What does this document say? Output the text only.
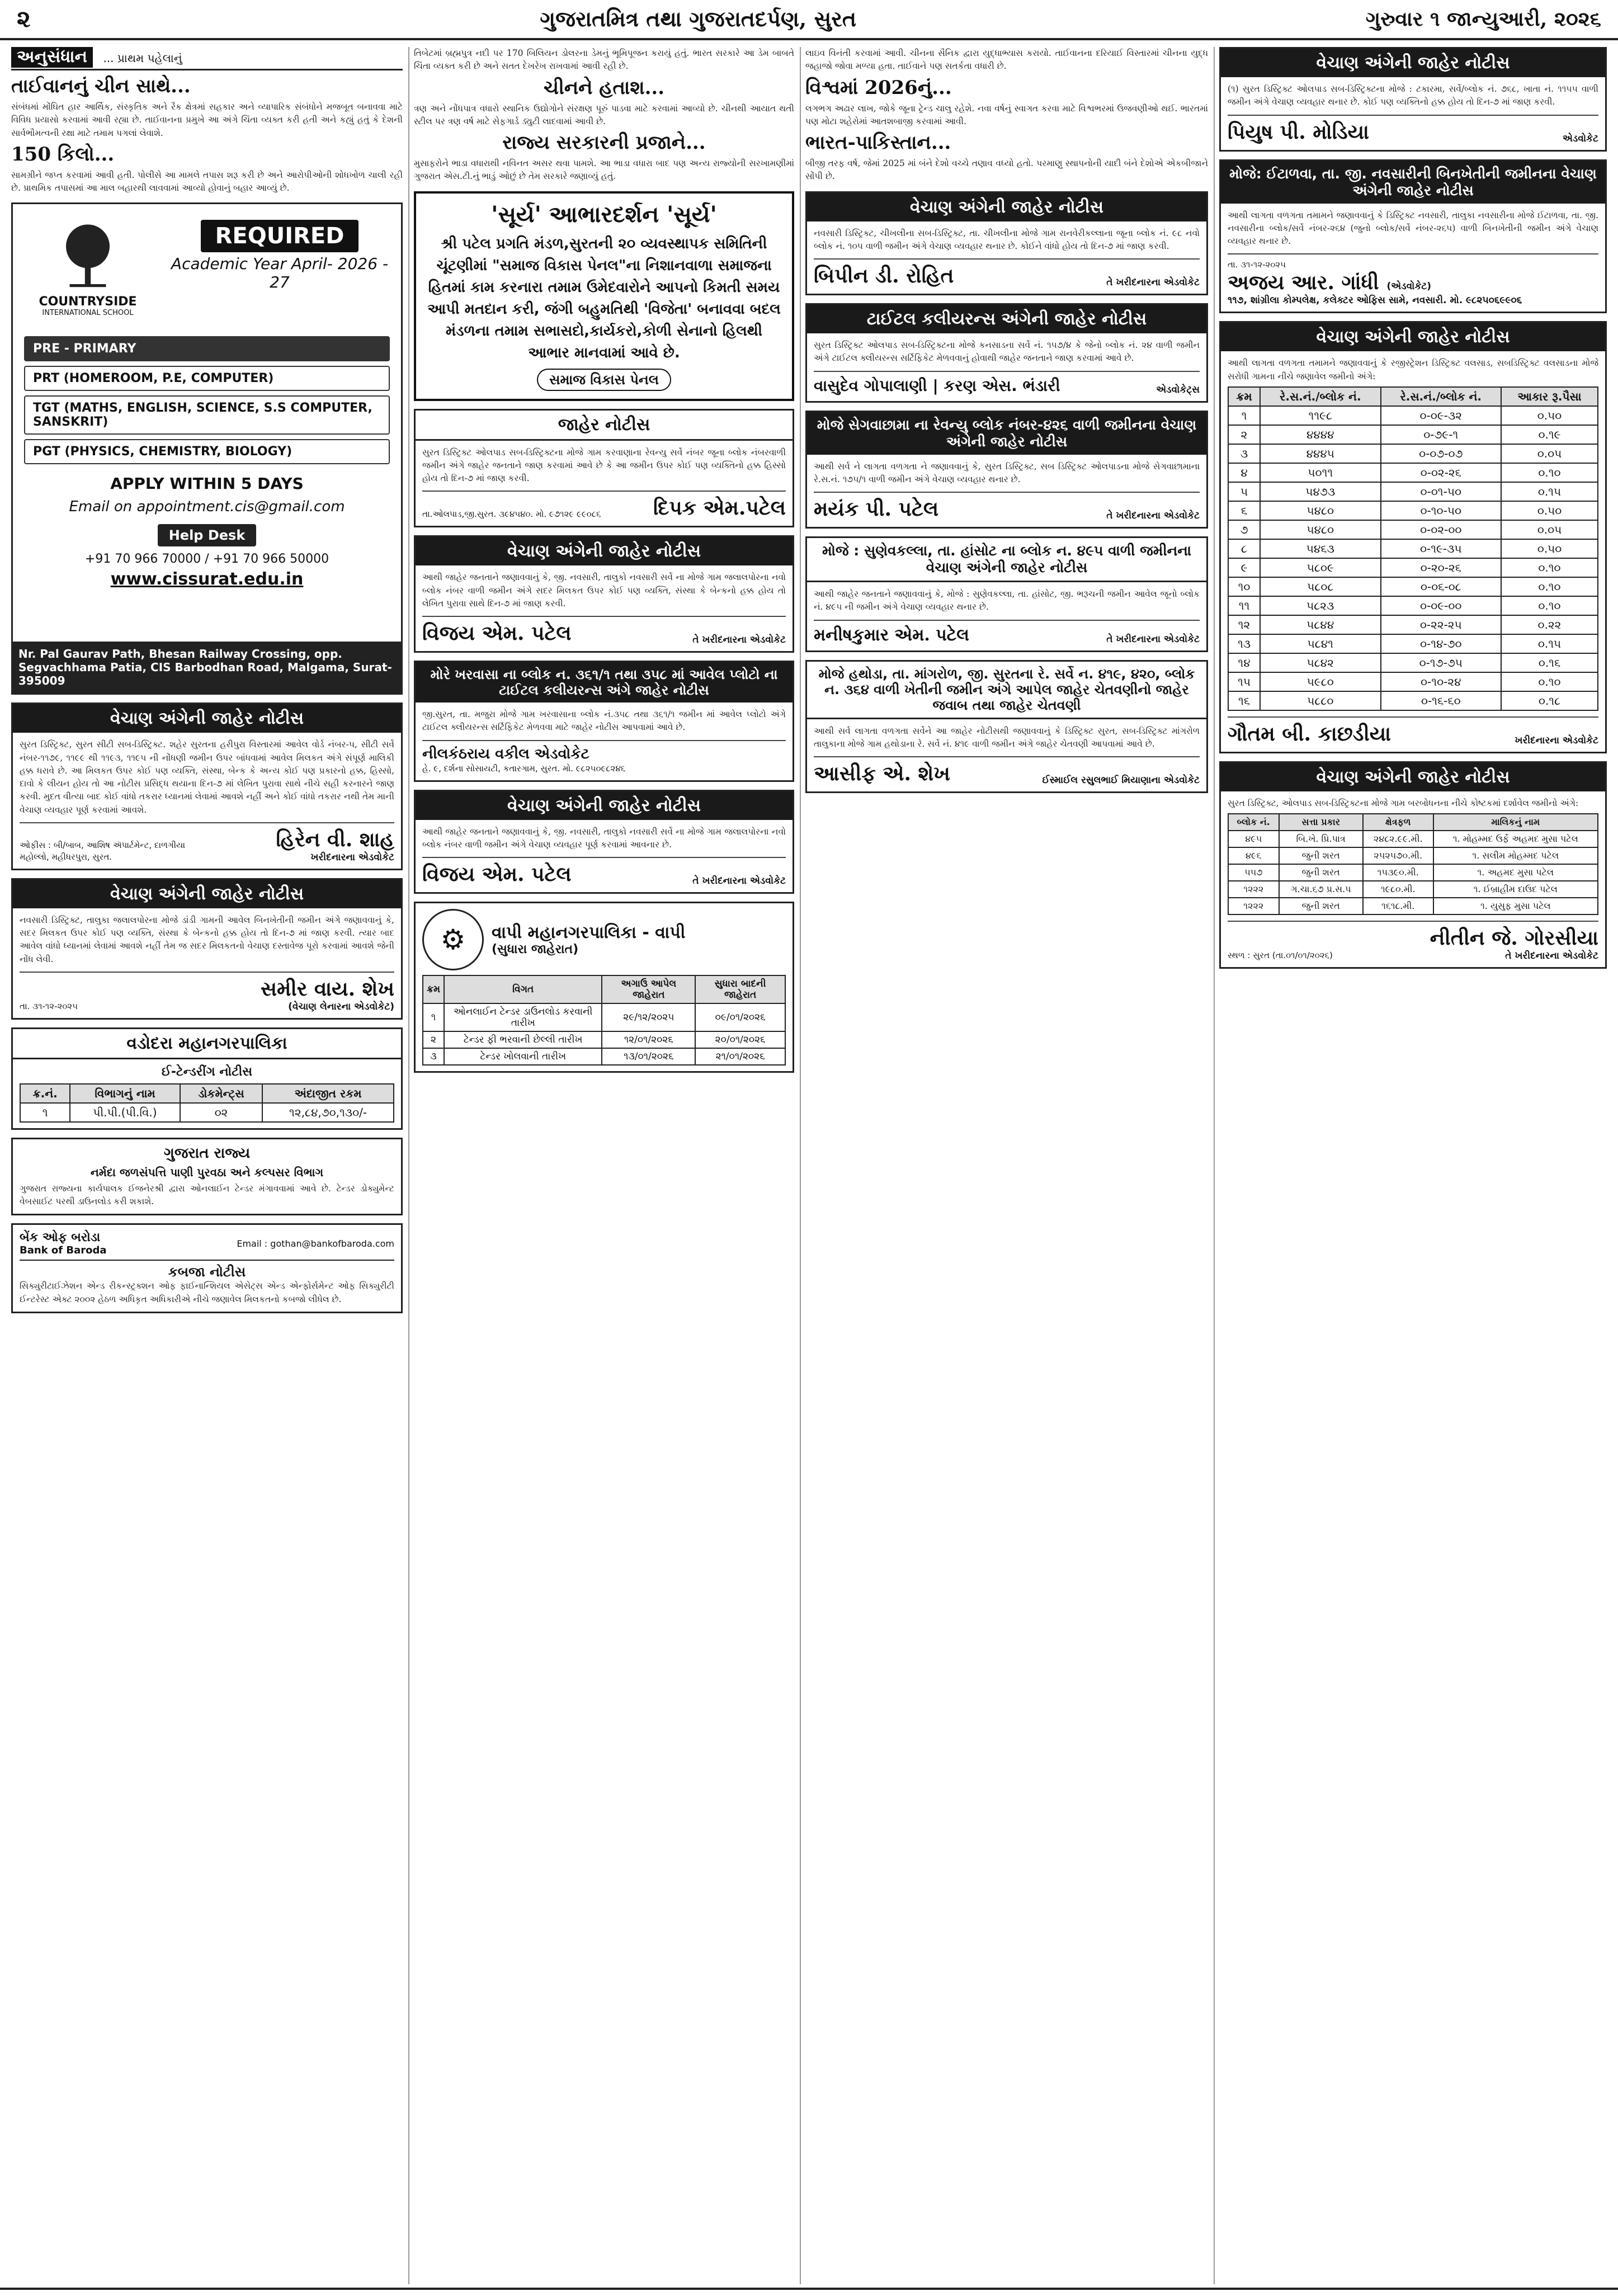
૨	ગુજરાતમિત્ર તથા ગુજરાતદર્પણ, સુરત	ગુરુવાર ૧ જાન્યુઆરી, ૨૦૨૬
અનુસંધાન ... પ્રાથમ પહેલાનું
તાઈવાનનું ચીન સાથે...
સંબંધમાં મોંઘિત હાર આર્થિક, સંસ્કૃતિક અને રૈક ક્ષેત્રમાં સહકાર અને વ્યાપારિક સંબંધોને મજબૂત બનાવવા માટે વિવિધ પ્રયાસો કરવામાં આવી રહ્યા છે. તાઈવાનના પ્રમુખે આ અંગે ચિંતા વ્યક્ત કરી હતી અને કહ્યું હતું કે દેશની સાર્વભૌમત્વની રક્ષા માટે તમામ પગલાં લેવાશે.
150 કિલો...
સામગ્રીને જપ્ત કરવામાં આવી હતી. પોલીસે આ મામલે તપાસ શરૂ કરી છે અને આરોપીઓની શોધખોળ ચાલી રહી છે. પ્રાથમિક તપાસમાં આ માલ બહારથી લાવવામાં આવ્યો હોવાનું બહાર આવ્યું છે.
COUNTRYSIDE
INTERNATIONAL SCHOOL
REQUIRED
Academic Year April- 2026 - 27
PRE - PRIMARY
PRT (HOMEROOM, P.E, COMPUTER)
TGT (MATHS, ENGLISH, SCIENCE, S.S COMPUTER, SANSKRIT)
PGT (PHYSICS, CHEMISTRY, BIOLOGY)
APPLY WITHIN 5 DAYS
Email on appointment.cis@gmail.com
Help Desk
+91 70 966 70000 / +91 70 966 50000
www.cissurat.edu.in
Nr. Pal Gaurav Path, Bhesan Railway Crossing, opp. Segvachhama Patia, CIS Barbodhan Road, Malgama, Surat-395009
વેચાણ અંગેની જાહેર નોટીસ
સુરત ડિસ્ટ્રિક્ટ, સુરત સીટી સબ-ડિસ્ટ્રિક્ટ. શહેર સુરતના હરીપુરા વિસ્તારમાં આવેલ વોર્ડ નંબર-૫, સીટી સર્વે નંબર-૧૧૭૯, ૧૧૯૯ થી ૧૧૯૩, ૧૧૯૫ ની નોંધણી જમીન ઉપર બાંધવામાં આવેલ મિલકત અંગે સંપૂર્ણ માલિકી હક્ક ધરાવે છે. આ મિલકત ઉપર કોઈ પણ વ્યક્તિ, સંસ્થા, બેન્ક કે અન્ય કોઈ પણ પ્રકારનો હક્ક, હિસ્સો, દાવો કે લીયન હોય તો આ નોટીસ પ્રસિદ્ધ થયાના દિન-૭ માં લેખિત પુરાવા સાથે નીચે સહી કરનારને જાણ કરવી. મુદત વીત્યા બાદ કોઈ વાંધો તકરાર ધ્યાનમાં લેવામાં આવશે નહીં અને કોઈ વાંધો તકરાર નથી તેમ માની વેચાણ વ્યવહાર પૂર્ણ કરવામાં આવશે.
ઓફીસ : બી/બાબ, આશિષ ઍપાર્ટમેન્ટ, દાળગીયા મહોલ્લો, મહીધરપુરા, સુરત.
હિરેન વી. શાહ
ખરીદનારના એડવોકેટ
વેચાણ અંગેની જાહેર નોટીસ
નવસારી ડિસ્ટ્રિક્ટ, તાલુકા જલાલપોરના મોજે ડાંડી ગામની આવેલ બિનખેતીની જમીન અંગે જણાવવાનું કે, સદર મિલકત ઉપર કોઈ પણ વ્યક્તિ, સંસ્થા કે બેન્કનો હક્ક હોય તો દિન-૭ માં જાણ કરવી. ત્યાર બાદ આવેલ વાંધો ધ્યાનમાં લેવામાં આવશે નહીં તેમ જ સદર મિલકતનો વેચાણ દસ્તાવેજ પૂરો કરવામાં આવશે જેની નોંધ લેવી.
તા. ૩૧-૧૨-૨૦૨૫
સમીર વાય. શેખ
(વેચાણ લેનારના એડવોકેટ)
વડોદરા મહાનગરપાલિકા
ઈ-ટેન્ડરીંગ નોટીસ
ક્ર.નં.	વિભાગનું નામ	ડોકમેન્ટ્સ	અંદાજીત રકમ
૧	પી.પી.(પી.વિ.)	૦૨	૧૨,૮૪,૭૦,૧૩૦/-
ગુજરાત રાજ્ય
નર્મદા જળસંપત્તિ પાણી પુરવઠા અને કલ્પસર વિભાગ
ગુજરાત રાજ્યના કાર્યપાલક ઈજનેરશ્રી દ્વારા ઓનલાઈન ટેન્ડર મંગાવવામાં આવે છે. ટેન્ડર ડોક્યુમેન્ટ વેબસાઈટ પરથી ડાઉનલોડ કરી શકાશે.
બેંક ઓફ બરોડા
Bank of Baroda
Email : gothan@bankofbaroda.com
કબજા નોટીસ
સિક્યુરીટાઈઝેશન એન્ડ રીકન્સ્ટ્રક્શન ઓફ ફાઈનાન્શિયલ એસેટ્સ એન્ડ એન્ફોર્સમેન્ટ ઓફ સિક્યુરીટી ઈન્ટરેસ્ટ એક્ટ ૨૦૦૨ હેઠળ અધિકૃત અધિકારીએ નીચે જણાવેલ મિલકતનો કબજો લીધેલ છે.
તિબેટમાં બ્રહ્મપુત્ર નદી પર 170 બિલિયન ડોલરના ડેમનું ભૂમિપૂજન કરાયું હતું. ભારત સરકારે આ ડેમ બાબતે ચિંતા વ્યક્ત કરી છે અને સતત દેખરેખ રાખવામાં આવી રહી છે.
ચીનને હતાશ...
ત્રણ અને નોંધપાત્ર વધારો સ્થાનિક ઉદ્યોગોને સંરક્ષણ પૂરું પાડવા માટે કરવામાં આવ્યો છે. ચીનથી આયાત થતી સ્ટીલ પર ત્રણ વર્ષ માટે સેફગાર્ડ ડ્યુટી લાદવામાં આવી છે.
રાજ્ય સરકારની પ્રજાને...
મુસાફરોને ભાડા વધારાથી નવિનત અસર થવા પામશે. આ ભાડા વધારા બાદ પણ અન્ય રાજ્યોની સરખામણીમાં ગુજરાત એસ.ટી.નું ભાડું ઓછું છે તેમ સરકારે જણાવ્યું હતું.
'સૂર્ય' આભારદર્શન 'સૂર્ય'
શ્રી પટેલ પ્રગતિ મંડળ,સુરતની ૨૦ વ્યવસ્થાપક સમિતિની ચૂંટણીમાં "સમાજ વિકાસ પેનલ"ના નિશાનવાળા સમાજના હિતમાં કામ કરનારા તમામ ઉમેદવારોને આપનો કિમતી સમય આપી મતદાન કરી, જંગી બહુમતિથી 'વિજેતા' બનાવવા બદલ મંડળના તમામ સભાસદો,કાર્યકરો,કોળી સેનાનો હિલથી આભાર માનવામાં આવે છે.
સમાજ વિકાસ પેનલ
જાહેર નોટીસ
સુરત ડિસ્ટ્રિક્ટ ઓલપાડ સબ-ડિસ્ટ્રિક્ટના મોજે ગામ કરવાણાના રેવન્યુ સર્વે નંબર જૂના બ્લોક નંબરવાળી જમીન અંગે જાહેર જનતાને જાણ કરવામાં આવે છે કે આ જમીન ઉપર કોઈ પણ વ્યક્તિનો હક્ક હિસ્સો હોય તો દિન-૭ માં જાણ કરવી.
તા.ઓલપાડ,જી.સુરત. ૩૯૪૫૪૦. મો. ૯૭૧૨૯ ૯૯૦૮૬	દિપક એમ.પટેલ
વેચાણ અંગેની જાહેર નોટીસ
આથી જાહેર જનતાને જણાવવાનું કે, જી. નવસારી, તાલુકો નવસારી સર્વે ના મોજે ગામ જલાલપોરના નવો બ્લોક નંબર વાળી જમીન અંગે સદર મિલકત ઉપર કોઈ પણ વ્યક્તિ, સંસ્થા કે બેન્કનો હક્ક હોય તો લેખિત પુરાવા સાથે દિન-૭ માં જાણ કરવી.
વિજય એમ. પટેલ	તે ખરીદનારના એડવોકેટ
મોરે ખરવાસા ના બ્લોક ન. ૩૬૧/૧ તથા ૩૫૮ માં આવેલ પ્લોટો ના ટાઈટલ કલીયરન્સ અંગે જાહેર નોટીસ
જી.સુરત, તા. મજુરા મોજે ગામ ખરવાસાના બ્લોક નં.૩૫૮ તથા ૩૬૧/૧ જમીન માં આવેલ પ્લોટો અંગે ટાઈટલ ક્લીયરન્સ સર્ટિફિકેટ મેળવવા માટે જાહેર નોટીસ આપવામાં આવે છે.
નીલકંઠરાય વકીલ એડવોકેટ
હે. ૯, દર્શના સોસાયટી, કતારગામ, સુરત. મો. ૯૮૨૫૦૯૮૨૪૬
વેચાણ અંગેની જાહેર નોટીસ
આથી જાહેર જનતાને જણાવવાનું કે, જી. નવસારી, તાલુકો નવસારી સર્વે ના મોજે ગામ જલાલપોરના નવો બ્લોક નંબર વાળી જમીન અંગે વેચાણ વ્યવહાર પૂર્ણ કરવામાં આવનાર છે.
વિજય એમ. પટેલ	તે ખરીદનારના એડવોકેટ
⚙	વાપી મહાનગરપાલિકા - વાપી
(સુધારા જાહેરાત)
ક્રમ	વિગત	અગાઉ આપેલ જાહેરાત	સુધારા બાદની જાહેરાત
૧	ઓનલાઈન ટેન્ડર ડાઉનલોડ કરવાની તારીખ	૨૯/૧૨/૨૦૨૫	૦૯/૦૧/૨૦૨૬
૨	ટેન્ડર ફી ભરવાની છેલ્લી તારીખ	૧૨/૦૧/૨૦૨૬	૨૦/૦૧/૨૦૨૬
૩	ટેન્ડર ખોલવાની તારીખ	૧૩/૦૧/૨૦૨૬	૨૧/૦૧/૨૦૨૬
લાઇવ વિનંતી કરવામાં આવી. ચીનના સૈનિક દ્વારા યુદ્ધાભ્યાસ કરાયો. તાઈવાનના દરિયાઈ વિસ્તારમાં ચીનના યુદ્ધ જહાજો જોવા મળ્યા હતા. તાઈવાને પણ સતર્કતા વધારી છે.
વિશ્વમાં 2026નું...
લગભગ અઢાર લાખ, જોકે જૂના ટ્રેન્ડ ચાલુ રહેશે. નવા વર્ષનું સ્વાગત કરવા માટે વિશ્વભરમાં ઉજવણીઓ થઈ. ભારતમાં પણ મોટા શહેરોમાં આતશબાજી કરવામાં આવી.
ભારત-પાકિસ્તાન...
બીજી તરફ વર્ષ, જેમાં 2025 માં બંને દેશો વચ્ચે તણાવ વધ્યો હતો. પરમાણુ સ્થાપનોની યાદી બંને દેશોએ એકબીજાને સોંપી છે.
વેચાણ અંગેની જાહેર નોટીસ
નવસારી ડિસ્ટ્રિક્ટ, ચીખલીના સબ-ડિસ્ટ્રિક્ટ, તા. ચીખલીના મોજે ગામ રાનવેરીકલ્લાના જૂના બ્લોક નં. ૯૮ નવો બ્લોક નં. ૧૦૫ વાળી જમીન અંગે વેચાણ વ્યવહાર થનાર છે. કોઈને વાંધો હોય તો દિન-૭ માં જાણ કરવી.
બિપીન ડી. રોહિત	તે ખરીદનારના એડવોકેટ
ટાઈટલ કલીયરન્સ અંગેની જાહેર નોટીસ
સુરત ડિસ્ટ્રિક્ટ ઓલપાડ સબ-ડિસ્ટ્રિક્ટના મોજે કનસાડના સર્વે નં. ૧૫૭/૪ કે જેનો બ્લોક નં. ૨૪ વાળી જમીન અંગે ટાઈટલ ક્લીયરન્સ સર્ટિફિકેટ મેળવવાનું હોવાથી જાહેર જનતાને જાણ કરવામાં આવે છે.
વાસુદેવ ગોપાલાણી | કરણ એસ. ભંડારી	એડવોકેટ્સ
મોજે સેગવાછામા ના રેવન્યુ બ્લોક નંબર-૪૨૬ વાળી જમીનના વેચાણ અંગેની જાહેર નોટીસ
આથી સર્વ ને લાગતા વળગતા ને જણાવવાનું કે, સુરત ડિસ્ટ્રિક્ટ, સબ ડિસ્ટ્રિક્ટ ઓલપાડના મોજે સેગવાછામાના રે.સ.નં. ૧૭૫/૧ વાળી જમીન અંગે વેચાણ વ્યવહાર થનાર છે.
મયંક પી. પટેલ	તે ખરીદનારના એડવોકેટ
મોજે : સુણેવકલ્લા, તા. હાંસોટ ના બ્લોક ન. ૪૯૫ વાળી જમીનના વેચાણ અંગેની જાહેર નોટીસ
આથી જાહેર જનતાને જણાવવાનું કે, મોજે : સુણેવકલ્લા, તા. હાંસોટ, જી. ભરૂચની જમીન આવેલ જૂનો બ્લોક નં. ૪૯૫ ની જમીન અંગે વેચાણ વ્યવહાર થનાર છે.
મનીષકુમાર એમ. પટેલ	તે ખરીદનારના એડવોકેટ
મોજે હથોડા, તા. માંગરોળ, જી. સુરતના રે. સર્વે ન. ૪૧૯, ૪૨૦, બ્લોક ન. ૩૬૪ વાળી ખેતીની જમીન અંગે આપેલ જાહેર ચેતવણીનો જાહેર જવાબ તથા જાહેર ચેતવણી
આથી સર્વ લાગતા વળગતા સર્વેને આ જાહેર નોટીસથી જણાવવાનું કે ડિસ્ટ્રિક્ટ સુરત, સબ-ડિસ્ટ્રિક્ટ માંગરોળ તાલુકાના મોજે ગામ હથોડાના રે. સર્વે નં. ૪૧૯ વાળી જમીન અંગે જાહેર ચેતવણી આપવામાં આવે છે.
આસીફ એ. શેખ	ઈસ્માઈલ રસુલભાઈ મિયાણાના એડવોકેટ
વેચાણ અંગેની જાહેર નોટીસ
(૧) સુરત ડિસ્ટ્રિક્ટ ઓલપાડ સબ-ડિસ્ટ્રિક્ટના મોજે : ટકારમા, સર્વે/બ્લોક નં. ૭૬૮, ખાતા નં. ૧૧૫૫ વાળી જમીન અંગે વેચાણ વ્યવહાર થનાર છે. કોઈ પણ વ્યક્તિનો હક્ક હોય તો દિન-૭ માં જાણ કરવી.
પિયુષ પી. મોડિયા	એડવોકેટ
મોજે: ઈટાળવા, તા. જી. નવસારીની બિનખેતીની જમીનના વેચાણ અંગેની જાહેર નોટીસ
આથી લાગતા વળગતા તમામને જણાવવાનું કે ડિસ્ટ્રિક્ટ નવસારી, તાલુકા નવસારીના મોજે ઈટાળવા, તા. જી. નવસારીના બ્લોક/સર્વે નંબર-૨૬૪ (જુનો બ્લોક/સર્વે નંબર-૨૬૫) વાળી બિનખેતીની જમીન અંગે વેચાણ વ્યવહાર થનાર છે.
તા. ૩૧-૧૨-૨૦૨૫
અજય આર. ગાંધી (એડવોકેટ)
૧૧૭, શાંગ્રીલા કોમ્પલેક્ષ, કલેક્ટર ઓફિસ સામે, નવસારી. મો. ૯૮૨૫૦૬૯૯૦૬
વેચાણ અંગેની જાહેર નોટીસ
આથી લાગતા વળગતા તમામને જણાવવાનું કે રજીસ્ટ્રેશન ડિસ્ટ્રિક્ટ વલસાડ, સબડિસ્ટ્રિક્ટ વલસાડના મોજે સરોધી ગામના નીચે જણાવેલ જમીનો અંગે:
ક્રમ	રે.સ.નં./બ્લોક નં.	રે.સ.નં./બ્લોક નં.	આકાર રૂ.પૈસા
૧	૧૧૯૮	૦-૦૯-૩૨	૦.૫૦
૨	૪૪૪૪	૦-૭૯-૧	૦.૧૯
૩	૪૪૪૫	૦-૦૭-૦૭	૦.૦૫
૪	૫૦૧૧	૦-૦૨-૨૬	૦.૧૦
૫	૫૪૭૩	૦-૦૧-૫૦	૦.૧૫
૬	૫૪૮૦	૦-૧૦-૫૦	૦.૫૦
૭	૫૪૮૦	૦-૦૨-૦૦	૦.૦૫
૮	૫૪૬૩	૦-૧૯-૩૫	૦.૫૦
૯	૫૮૦૯	૦-૨૦-૨૬	૦.૧૦
૧૦	૫૮૦૮	૦-૦૬-૦૮	૦.૧૦
૧૧	૫૮૨૩	૦-૦૯-૦૦	૦.૧૦
૧૨	૫૮૪૪	૦-૨૨-૨૫	૦.૨૨
૧૩	૫૮૪૧	૦-૧૪-૭૦	૦.૧૫
૧૪	૫૮૪૨	૦-૧૭-૭૫	૦.૧૬
૧૫	૫૯૮૦	૦-૧૦-૨૪	૦.૧૦
૧૬	૫૮૮૦	૦-૧૬-૬૦	૦.૧૮
ગૌતમ બી. કાછડીયા	ખરીદનારના એડવોકેટ
વેચાણ અંગેની જાહેર નોટીસ
સુરત ડિસ્ટ્રિક્ટ, ઓલપાડ સબ-ડિસ્ટ્રિક્ટના મોજે ગામ બરબોધનના નીચે કોષ્ટકમાં દર્શાવેલ જમીનો અંગે:
બ્લોક નં.	સત્તા પ્રકાર	ક્ષેત્રફળ	માલિકનું નામ
૪૯૫	બિ.ખે. પ્રિ.પાત્ર	૨૪૮૨.૯૯.મી.	૧. મોહમ્મદ ઉર્ફે અહમદ મુસા પટેલ
૪૯૬	જુની શરત	૨૫૨૫૭૦.મી.	૧. સલીમ મોહમ્મદ પટેલ
૫૫૭	જુની શરત	૧૫૩૯૦.મી.	૧. અહમદ મુસા પટેલ
૧૨૨૨	ગ.ચા.૬૭ પ્ર.સ.પ	૧૯૮૦.મી.	૧. ઈબ્રાહીમ દાઉદ પટેલ
૧૨૨૨	જુની શરત	૧૬૧૮.મી.	૧. યુસુફ મુસા પટેલ
સ્થળ : સુરત (તા.૦૧/૦૧/૨૦૨૬)
નીતીન જે. ગોરસીયા
તે ખરીદનારના એડવોકેટ
